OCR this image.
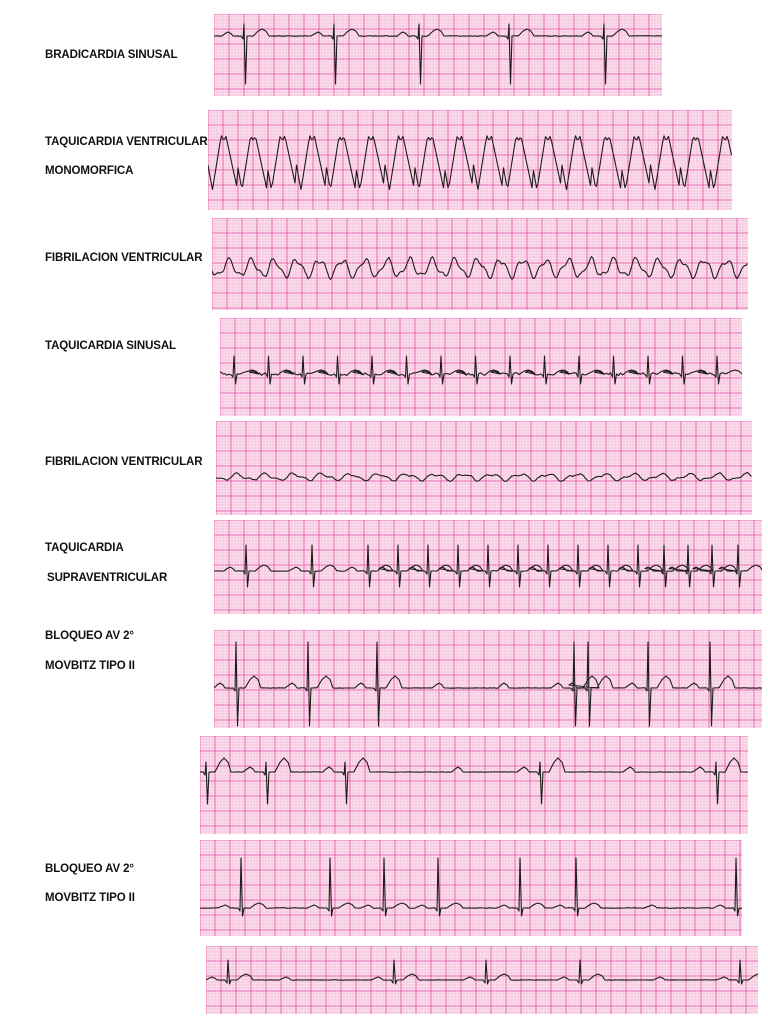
BRADICARDIA SINUSAL
TAQUICARDIA VENTRICULAR
MONOMORFICA
FIBRILACION VENTRICULAR
TAQUICARDIA SINUSAL
FIBRILACION VENTRICULAR
TAQUICARDIA
SUPRAVENTRICULAR
BLOQUEO AV 2°
MOVBITZ TIPO II
BLOQUEO AV 2°
MOVBITZ TIPO II
